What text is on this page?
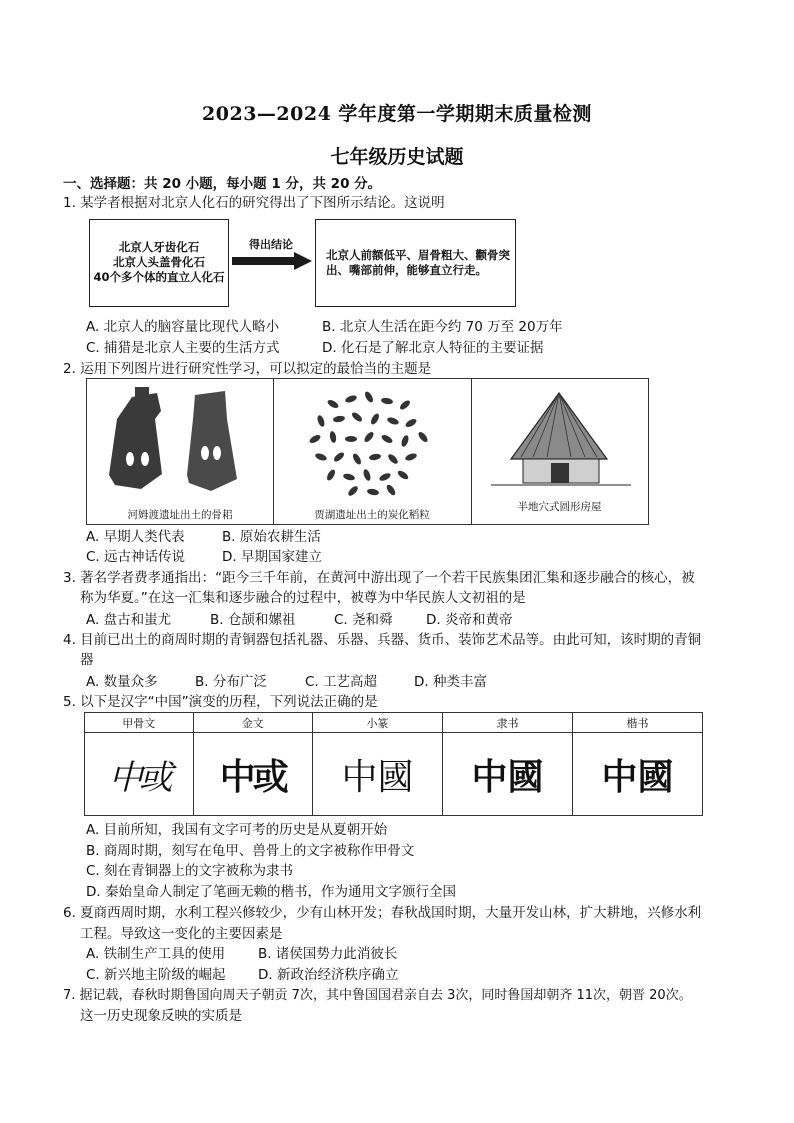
2023—2024 学年度第一学期期末质量检测
七年级历史试题
一、选择题：共 20 小题，每小题 1 分，共 20 分。
1. 某学者根据对北京人化石的研究得出了下图所示结论。这说明
北京人牙齿化石
北京人头盖骨化石
40个多个体的直立人化石
得出结论
北京人前额低平、眉骨粗大、颧骨突
出、嘴部前伸，能够直立行走。
A. 北京人的脑容量比现代人略小	B. 北京人生活在距今约 70 万至 20万年
C. 捕猎是北京人主要的生活方式	D. 化石是了解北京人特征的主要证据
2. 运用下列图片进行研究性学习，可以拟定的最恰当的主题是
河姆渡遗址出土的骨耜	贾湖遗址出土的炭化稻粒
半地穴式圆形房屋
A. 早期人类代表	B. 原始农耕生活
C. 远古神话传说	D. 早期国家建立
3. 著名学者费孝通指出：“距今三千年前，在黄河中游出现了一个若干民族集团汇集和逐步融合的核心，被
称为华夏。”在这一汇集和逐步融合的过程中，被尊为中华民族人文初祖的是
A. 盘古和蚩尤	B. 仓颉和嫘祖	C. 尧和舜 D. 炎帝和黄帝
4. 目前已出土的商周时期的青铜器包括礼器、乐器、兵器、货币、装饰艺术品等。由此可知，该时期的青铜
器
A. 数量众多	B. 分布广泛	C. 工艺高超	D. 种类丰富
5. 以下是汉字“中国”演变的历程，下列说法正确的是
甲骨文	金文	小篆	隶书	楷书
中或	中或	中國	中國	中國
A. 目前所知，我国有文字可考的历史是从夏朝开始
B. 商周时期，刻写在龟甲、兽骨上的文字被称作甲骨文
C. 刻在青铜器上的文字被称为隶书
D. 秦始皇命人制定了笔画无赖的楷书，作为通用文字颁行全国
6. 夏商西周时期，水利工程兴修较少，少有山林开发；春秋战国时期，大量开发山林，扩大耕地，兴修水利
工程。导致这一变化的主要因素是
A. 铁制生产工具的使用 B. 诸侯国势力此消彼长
C. 新兴地主阶级的崛起 D. 新政治经济秩序确立
7. 据记载，春秋时期鲁国向周天子朝贡 7次，其中鲁国国君亲自去 3次，同时鲁国却朝齐 11次，朝晋 20次。
这一历史现象反映的实质是
